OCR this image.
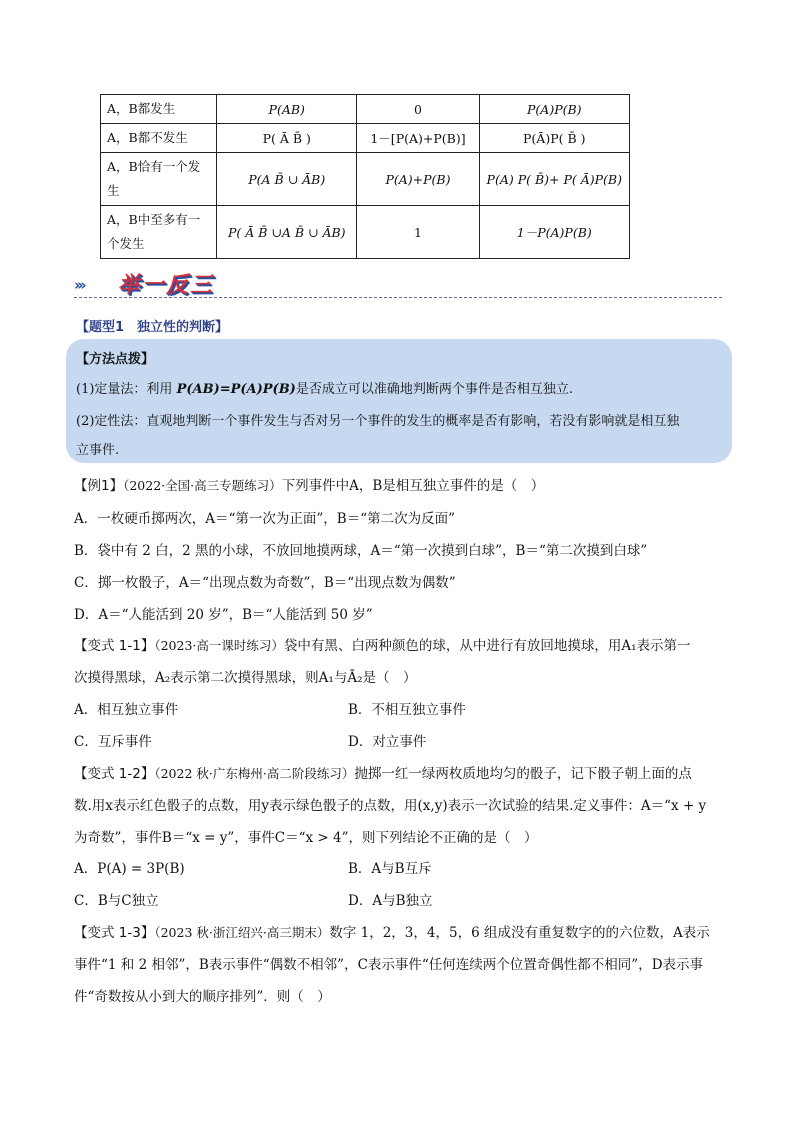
A，B都发生	P(AB)	0	P(A)P(B)
A，B都不发生	P( Ā B̄ )	1－[P(A)+P(B)]	P(Ā)P( B̄ )
A，B恰有一个发生	P(A B̄ ∪ ĀB)	P(A)+P(B)	P(A) P( B̄)+ P( Ā)P(B)
A，B中至多有一个发生	P( Ā B̄ ∪A B̄ ∪ ĀB)	1	1－P(A)P(B)
››› 举一反三
【题型1　独立性的判断】
【方法点拨】
(1)定量法：利用 P(AB)=P(A)P(B)是否成立可以准确地判断两个事件是否相互独立.
(2)定性法：直观地判断一个事件发生与否对另一个事件的发生的概率是否有影响，若没有影响就是相互独
立事件.
【例1】（2022·全国·高三专题练习）下列事件中A，B是相互独立事件的是（　）
A．一枚硬币掷两次，A＝“第一次为正面”，B＝“第二次为反面”
B．袋中有 2 白，2 黑的小球，不放回地摸两球，A＝“第一次摸到白球”，B＝“第二次摸到白球”
C．掷一枚骰子，A＝“出现点数为奇数”，B＝“出现点数为偶数”
D．A＝“人能活到 20 岁”，B＝“人能活到 50 岁”
【变式 1-1】（2023·高一课时练习）袋中有黑、白两种颜色的球，从中进行有放回地摸球，用A₁表示第一
次摸得黑球，A₂表示第二次摸得黑球，则A₁与Ā₂是（　）
A．相互独立事件	B．不相互独立事件
C．互斥事件	D．对立事件
【变式 1-2】（2022 秋·广东梅州·高二阶段练习）抛掷一红一绿两枚质地均匀的骰子，记下骰子朝上面的点
数.用x表示红色骰子的点数，用y表示绿色骰子的点数，用(x,y)表示一次试验的结果.定义事件：A＝“x + y
为奇数”，事件B＝“x = y”，事件C＝“x > 4”，则下列结论不正确的是（　）
A．P(A) = 3P(B)	B．A与B互斥
C．B与C独立	D．A与B独立
【变式 1-3】（2023 秋·浙江绍兴·高三期末）数字 1，2，3，4，5，6 组成没有重复数字的的六位数，A表示
事件“1 和 2 相邻”，B表示事件“偶数不相邻”，C表示事件“任何连续两个位置奇偶性都不相同”，D表示事
件“奇数按从小到大的顺序排列”．则（　）
